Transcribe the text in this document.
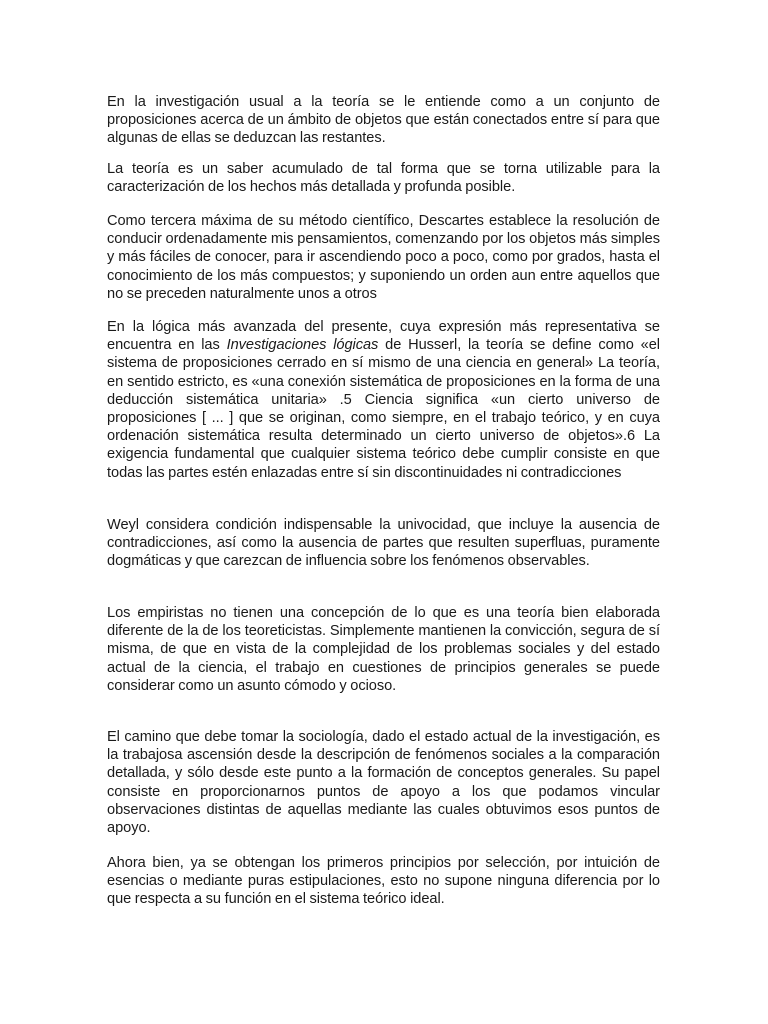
En la investigación usual a la teoría se le entiende como a un conjunto de proposiciones acerca de un ámbito de objetos que están conectados entre sí para que algunas de ellas se deduzcan las restantes.

La teoría es un saber acumulado de tal forma que se torna utilizable para la caracterización de los hechos más detallada y profunda posible.

Como tercera máxima de su método científico, Descartes establece la resolución de conducir ordenadamente mis pensamientos, comenzando por los objetos más simples y más fáciles de conocer, para ir ascendiendo poco a poco, como por grados, hasta el conocimiento de los más compuestos; y suponiendo un orden aun entre aquellos que no se preceden naturalmente unos a otros

En la lógica más avanzada del presente, cuya expresión más representativa se encuentra en las Investigaciones lógicas de Husserl, la teoría se define como «el sistema de proposiciones cerrado en sí mismo de una ciencia en general» La teoría, en sentido estricto, es «una conexión sistemática de proposiciones en la forma de una deducción sistemática unitaria» .5 Ciencia significa «un cierto universo de proposiciones [ ... ] que se originan, como siempre, en el trabajo teórico, y en cuya ordenación sistemática resulta determinado un cierto universo de objetos».6 La exigencia fundamental que cualquier sistema teórico debe cumplir consiste en que todas las partes estén enlazadas entre sí sin discontinuidades ni contradicciones

Weyl considera condición indispensable la univocidad, que incluye la ausencia de contradicciones, así como la ausencia de partes que resulten superfluas, puramente dogmáticas y que carezcan de influencia sobre los fenómenos observables.

Los empiristas no tienen una concepción de lo que es una teoría bien elaborada diferente de la de los teoreticistas. Simplemente mantienen la convicción, segura de sí misma, de que en vista de la complejidad de los problemas sociales y del estado actual de la ciencia, el trabajo en cuestiones de principios generales se puede considerar como un asunto cómodo y ocioso.

El camino que debe tomar la sociología, dado el estado actual de la investigación, es la trabajosa ascensión desde la descripción de fenómenos sociales a la comparación detallada, y sólo desde este punto a la formación de conceptos generales. Su papel consiste en proporcionarnos puntos de apoyo a los que podamos vincular observaciones distintas de aquellas mediante las cuales obtuvimos esos puntos de apoyo.

Ahora bien, ya se obtengan los primeros principios por selección, por intuición de esencias o mediante puras estipulaciones, esto no supone ninguna diferencia por lo que respecta a su función en el sistema teórico ideal.
